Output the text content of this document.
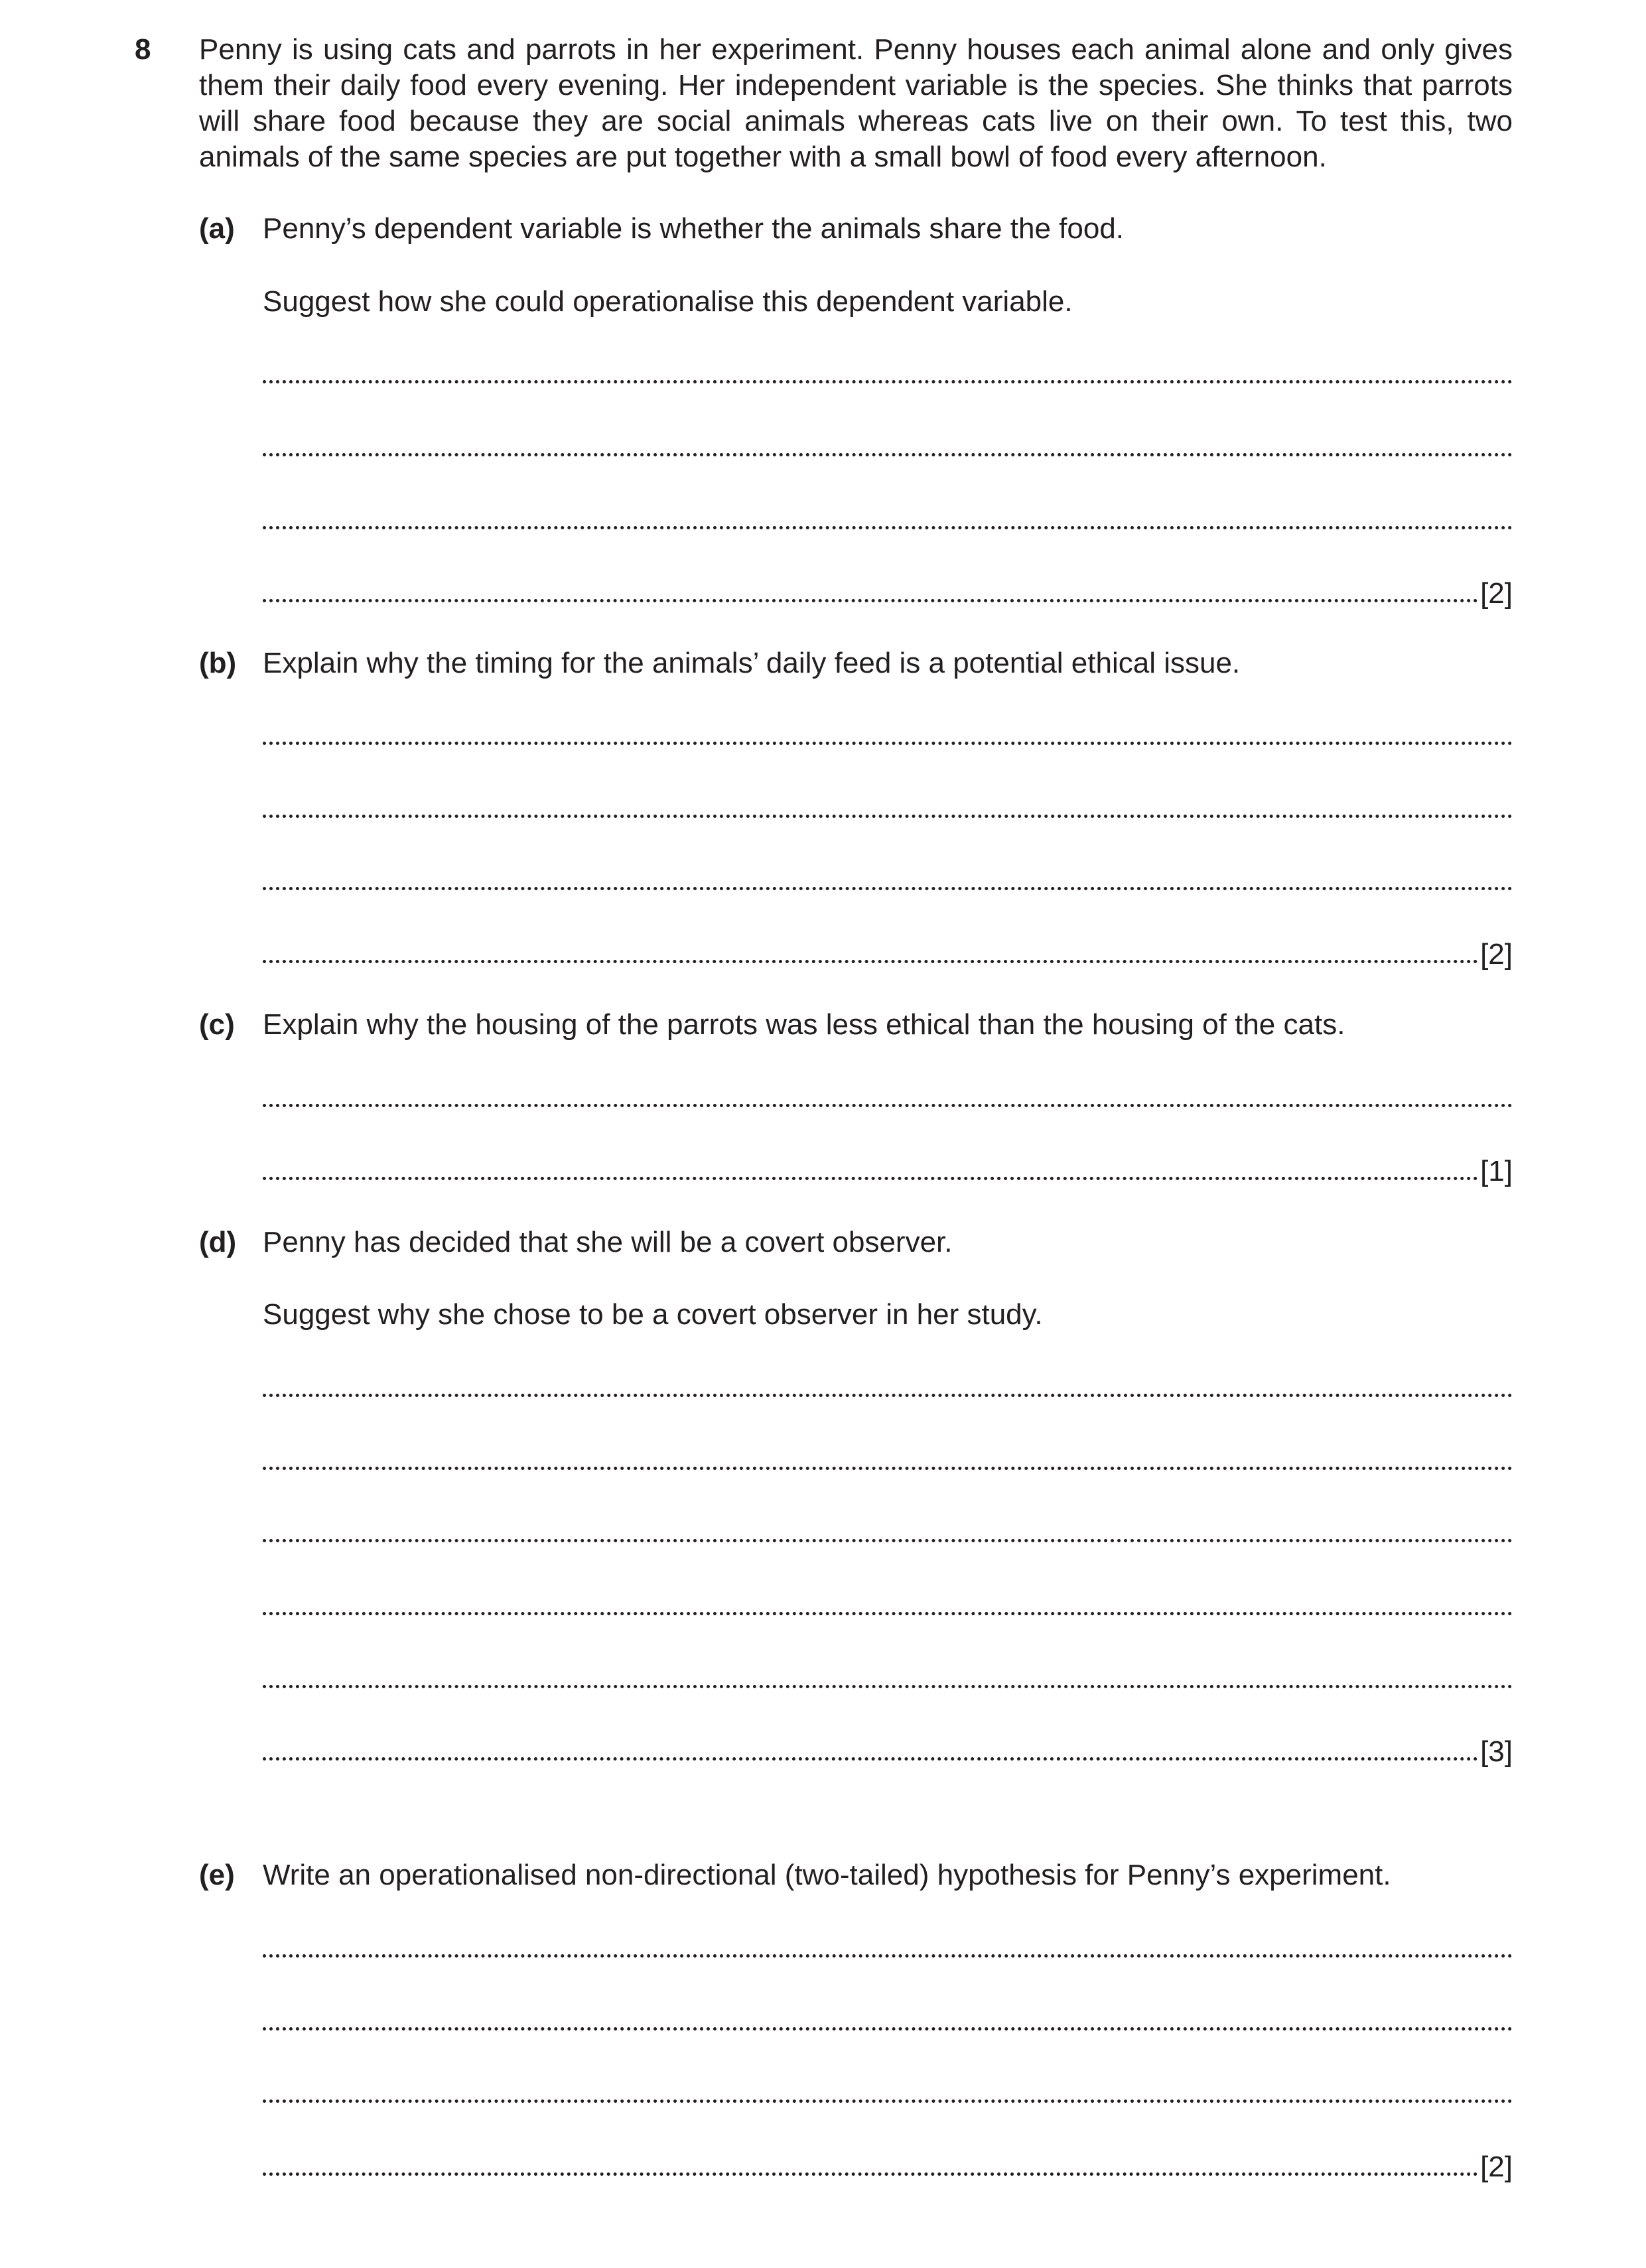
8 Penny is using cats and parrots in her experiment. Penny houses each animal alone and only gives them their daily food every evening. Her independent variable is the species. She thinks that parrots will share food because they are social animals whereas cats live on their own. To test this, two animals of the same species are put together with a small bowl of food every afternoon.
(a) Penny’s dependent variable is whether the animals share the food.
Suggest how she could operationalise this dependent variable.
[2]
(b) Explain why the timing for the animals’ daily feed is a potential ethical issue.
[2]
(c) Explain why the housing of the parrots was less ethical than the housing of the cats.
[1]
(d) Penny has decided that she will be a covert observer.
Suggest why she chose to be a covert observer in her study.
[3]
(e) Write an operationalised non-directional (two-tailed) hypothesis for Penny’s experiment.
[2]
